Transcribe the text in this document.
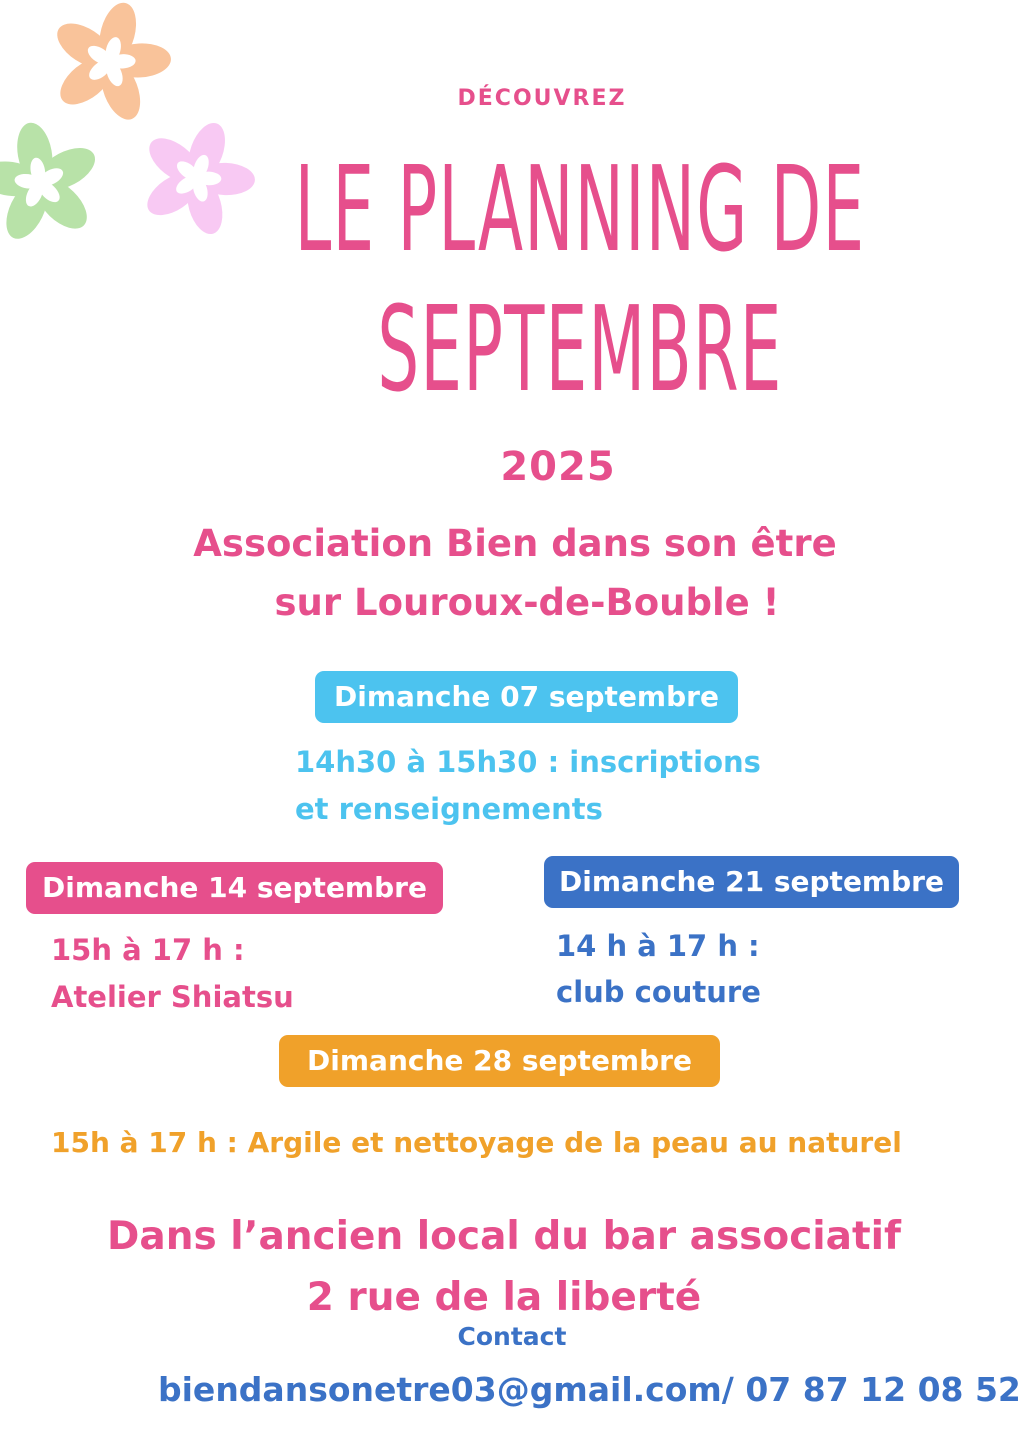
DÉCOUVREZ
LE PLANNING DE
SEPTEMBRE
2025
Association Bien dans son être
sur Louroux-de-Bouble !
Dimanche 07 septembre
14h30 à 15h30 : inscriptions
et renseignements
Dimanche 14 septembre
15h à 17 h :
Atelier Shiatsu
Dimanche 21 septembre
14 h à 17 h :
club couture
Dimanche 28 septembre
15h à 17 h : Argile et nettoyage de la peau au naturel
Dans l’ancien local du bar associatif
2 rue de la liberté
Contact
biendansonetre03@gmail.com/ 07 87 12 08 52
